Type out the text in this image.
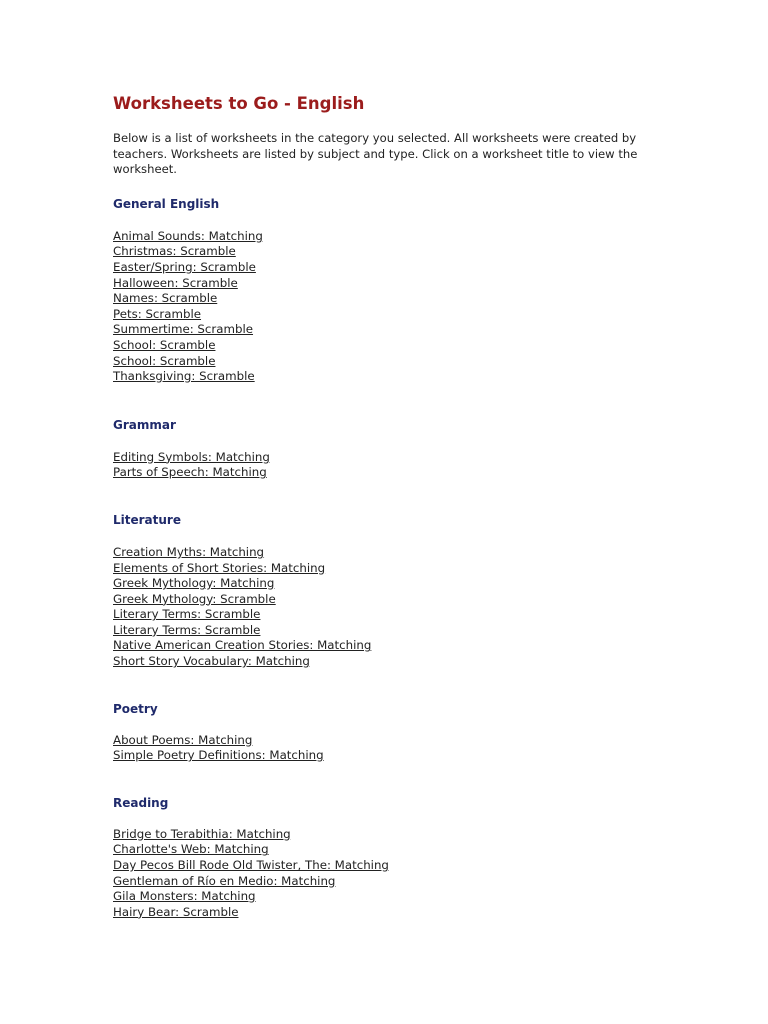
Worksheets to Go - English

Below is a list of worksheets in the category you selected. All worksheets were created by teachers. Worksheets are listed by subject and type. Click on a worksheet title to view the worksheet.

General English
Animal Sounds: Matching
Christmas: Scramble
Easter/Spring: Scramble
Halloween: Scramble
Names: Scramble
Pets: Scramble
Summertime: Scramble
School: Scramble
School: Scramble
Thanksgiving: Scramble
Grammar
Editing Symbols: Matching
Parts of Speech: Matching
Literature
Creation Myths: Matching
Elements of Short Stories: Matching
Greek Mythology: Matching
Greek Mythology: Scramble
Literary Terms: Scramble
Literary Terms: Scramble
Native American Creation Stories: Matching
Short Story Vocabulary: Matching
Poetry
About Poems: Matching
Simple Poetry Definitions: Matching
Reading
Bridge to Terabithia: Matching
Charlotte's Web: Matching
Day Pecos Bill Rode Old Twister, The: Matching
Gentleman of Río en Medio: Matching
Gila Monsters: Matching
Hairy Bear: Scramble
